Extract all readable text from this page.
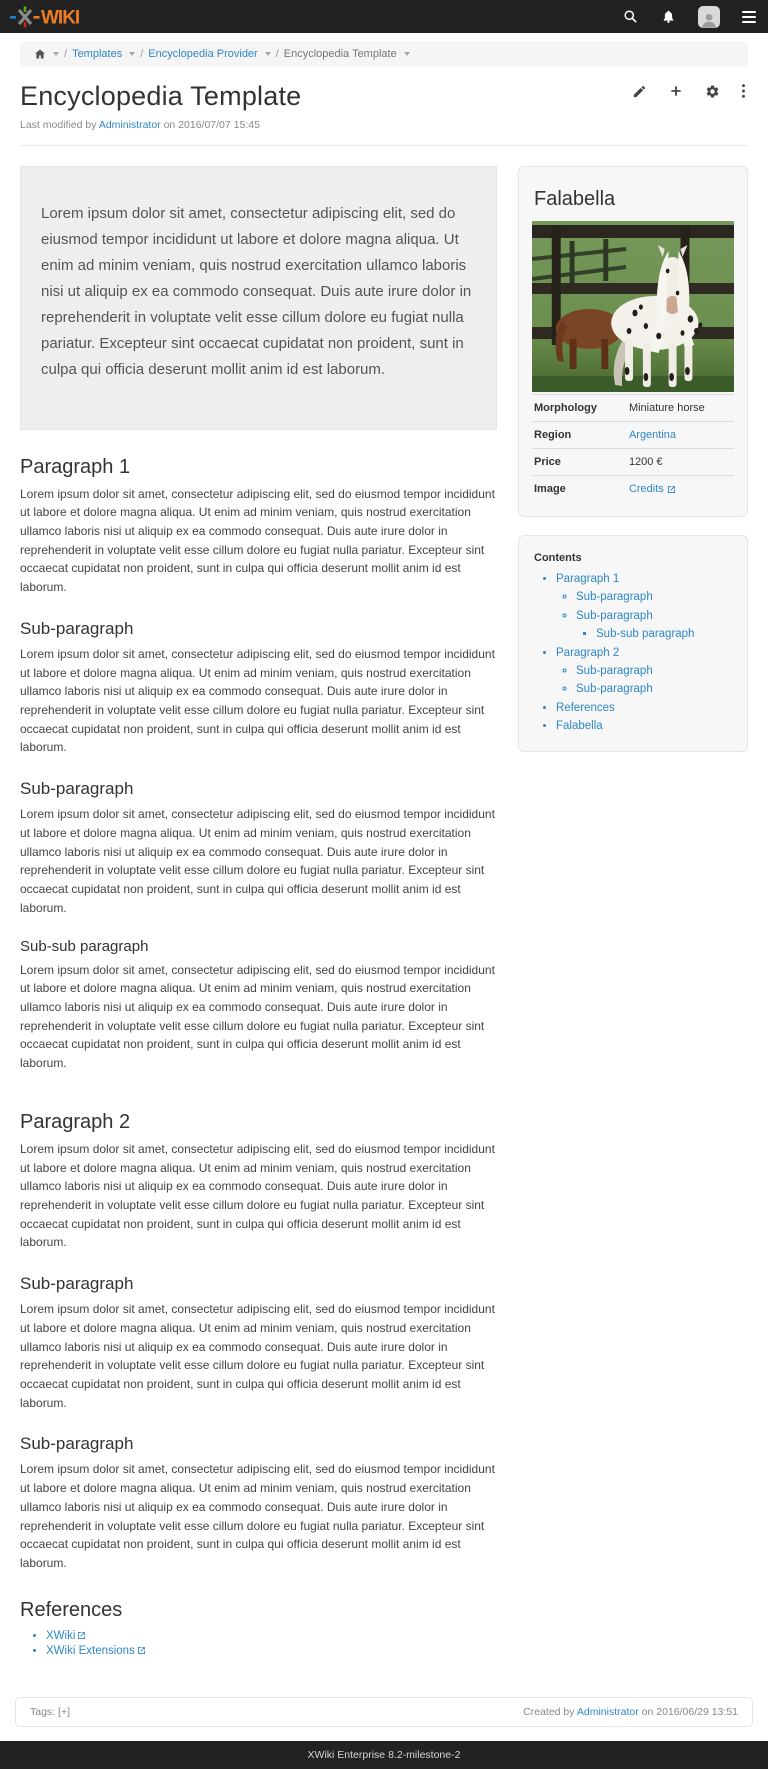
WIKI
/ Templates / Encyclopedia Provider / Encyclopedia Template
Encyclopedia Template
Last modified by Administrator on 2016/07/07 15:45
Lorem ipsum dolor sit amet, consectetur adipiscing elit, sed do eiusmod tempor incididunt ut labore et dolore magna aliqua. Ut enim ad minim veniam, quis nostrud exercitation ullamco laboris nisi ut aliquip ex ea commodo consequat. Duis aute irure dolor in reprehenderit in voluptate velit esse cillum dolore eu fugiat nulla pariatur. Excepteur sint occaecat cupidatat non proident, sunt in culpa qui officia deserunt mollit anim id est laborum.
Paragraph 1

Lorem ipsum dolor sit amet, consectetur adipiscing elit, sed do eiusmod tempor incididunt ut labore et dolore magna aliqua. Ut enim ad minim veniam, quis nostrud exercitation ullamco laboris nisi ut aliquip ex ea commodo consequat. Duis aute irure dolor in reprehenderit in voluptate velit esse cillum dolore eu fugiat nulla pariatur. Excepteur sint occaecat cupidatat non proident, sunt in culpa qui officia deserunt mollit anim id est laborum.

Sub-paragraph

Lorem ipsum dolor sit amet, consectetur adipiscing elit, sed do eiusmod tempor incididunt ut labore et dolore magna aliqua. Ut enim ad minim veniam, quis nostrud exercitation ullamco laboris nisi ut aliquip ex ea commodo consequat. Duis aute irure dolor in reprehenderit in voluptate velit esse cillum dolore eu fugiat nulla pariatur. Excepteur sint occaecat cupidatat non proident, sunt in culpa qui officia deserunt mollit anim id est laborum.

Sub-paragraph

Lorem ipsum dolor sit amet, consectetur adipiscing elit, sed do eiusmod tempor incididunt ut labore et dolore magna aliqua. Ut enim ad minim veniam, quis nostrud exercitation ullamco laboris nisi ut aliquip ex ea commodo consequat. Duis aute irure dolor in reprehenderit in voluptate velit esse cillum dolore eu fugiat nulla pariatur. Excepteur sint occaecat cupidatat non proident, sunt in culpa qui officia deserunt mollit anim id est laborum.

Sub-sub paragraph

Lorem ipsum dolor sit amet, consectetur adipiscing elit, sed do eiusmod tempor incididunt ut labore et dolore magna aliqua. Ut enim ad minim veniam, quis nostrud exercitation ullamco laboris nisi ut aliquip ex ea commodo consequat. Duis aute irure dolor in reprehenderit in voluptate velit esse cillum dolore eu fugiat nulla pariatur. Excepteur sint occaecat cupidatat non proident, sunt in culpa qui officia deserunt mollit anim id est laborum.

Paragraph 2

Lorem ipsum dolor sit amet, consectetur adipiscing elit, sed do eiusmod tempor incididunt ut labore et dolore magna aliqua. Ut enim ad minim veniam, quis nostrud exercitation ullamco laboris nisi ut aliquip ex ea commodo consequat. Duis aute irure dolor in reprehenderit in voluptate velit esse cillum dolore eu fugiat nulla pariatur. Excepteur sint occaecat cupidatat non proident, sunt in culpa qui officia deserunt mollit anim id est laborum.

Sub-paragraph

Lorem ipsum dolor sit amet, consectetur adipiscing elit, sed do eiusmod tempor incididunt ut labore et dolore magna aliqua. Ut enim ad minim veniam, quis nostrud exercitation ullamco laboris nisi ut aliquip ex ea commodo consequat. Duis aute irure dolor in reprehenderit in voluptate velit esse cillum dolore eu fugiat nulla pariatur. Excepteur sint occaecat cupidatat non proident, sunt in culpa qui officia deserunt mollit anim id est laborum.

Sub-paragraph

Lorem ipsum dolor sit amet, consectetur adipiscing elit, sed do eiusmod tempor incididunt ut labore et dolore magna aliqua. Ut enim ad minim veniam, quis nostrud exercitation ullamco laboris nisi ut aliquip ex ea commodo consequat. Duis aute irure dolor in reprehenderit in voluptate velit esse cillum dolore eu fugiat nulla pariatur. Excepteur sint occaecat cupidatat non proident, sunt in culpa qui officia deserunt mollit anim id est laborum.

References
• XWiki
• XWiki Extensions
Falabella
Morphology	Miniature horse
Region	Argentina

Price	1200 €
Image	Credits
Contents
• Paragraph 1
◦ Sub-paragraph
◦ Sub-paragraph
▪ Sub-sub paragraph
• Paragraph 2
◦ Sub-paragraph
◦ Sub-paragraph
• References
• Falabella
Tags: [+]	Created by Administrator on 2016/06/29 13:51
XWiki Enterprise 8.2-milestone-2
